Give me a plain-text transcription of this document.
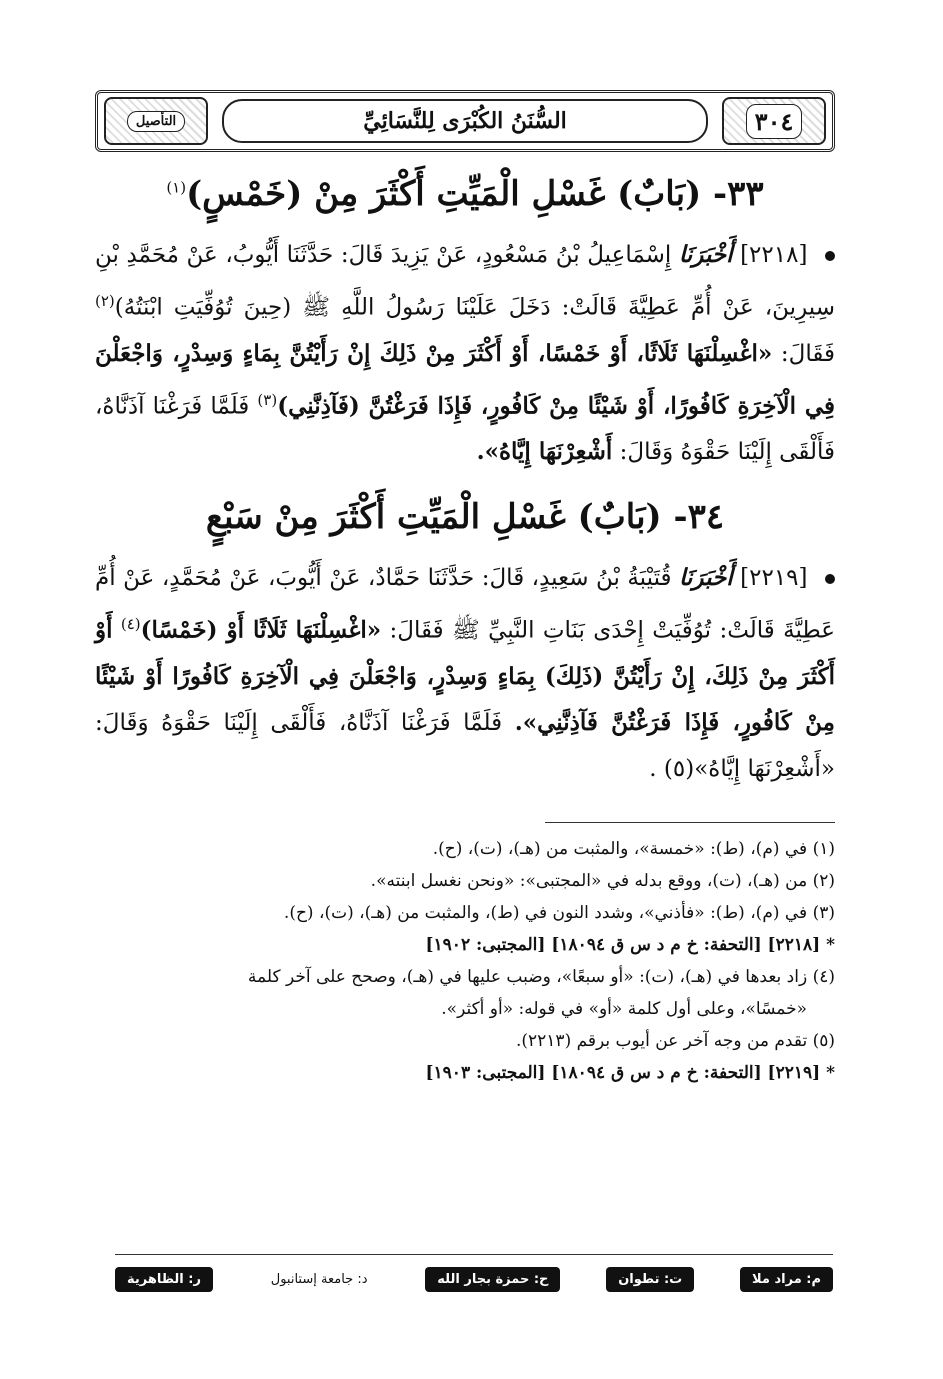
٣٠٤
السُّنَنُ الكُبْرَى لِلنَّسَائِيِّ
التأصيل
٣٣- (بَابٌ) غَسْلِ الْمَيِّتِ أَكْثَرَ مِنْ (خَمْسٍ)$^{(١)}$

[٢٢١٨] أَخْبَرَنَا إِسْمَاعِيلُ بْنُ مَسْعُودٍ، عَنْ يَزِيدَ قَالَ: حَدَّثَنَا أَيُّوبُ، عَنْ مُحَمَّدِ بْنِ سِيرِينَ، عَنْ أُمِّ عَطِيَّةَ قَالَتْ: دَخَلَ عَلَيْنَا رَسُولُ اللَّهِ ﷺ (حِينَ تُوُفِّيَتِ ابْنَتُهُ)$^{(٢)}$ فَقَالَ: «اغْسِلْنَهَا ثَلَاثًا، أَوْ خَمْسًا، أَوْ أَكْثَرَ مِنْ ذَلِكَ إِنْ رَأَيْتُنَّ بِمَاءٍ وَسِدْرٍ، وَاجْعَلْنَ فِي الْآخِرَةِ كَافُورًا، أَوْ شَيْئًا مِنْ كَافُورٍ، فَإِذَا فَرَغْتُنَّ (فَآذِنَّنِي)$^{(٣)}$ فَلَمَّا فَرَغْنَا آذَنَّاهُ، فَأَلْقَى إِلَيْنَا حَقْوَهُ وَقَالَ: أَشْعِرْنَهَا إِيَّاهُ».

٣٤- (بَابٌ) غَسْلِ الْمَيِّتِ أَكْثَرَ مِنْ سَبْعٍ

[٢٢١٩] أَخْبَرَنَا قُتَيْبَةُ بْنُ سَعِيدٍ، قَالَ: حَدَّثَنَا حَمَّادٌ، عَنْ أَيُّوبَ، عَنْ مُحَمَّدٍ، عَنْ أُمِّ عَطِيَّةَ قَالَتْ: تُوُفِّيَتْ إِحْدَى بَنَاتِ النَّبِيِّ ﷺ فَقَالَ: «اغْسِلْنَهَا ثَلَاثًا أَوْ (خَمْسًا)$^{(٤)}$ أَوْ أَكْثَرَ مِنْ ذَلِكَ، إِنْ رَأَيْتُنَّ (ذَلِكَ) بِمَاءٍ وَسِدْرٍ، وَاجْعَلْنَ فِي الْآخِرَةِ كَافُورًا أَوْ شَيْئًا مِنْ كَافُورٍ، فَإِذَا فَرَغْتُنَّ فَآذِنَّنِي». فَلَمَّا فَرَغْنَا آذَنَّاهُ، فَأَلْقَى إِلَيْنَا حَقْوَهُ وَقَالَ: «أَشْعِرْنَهَا إِيَّاهُ»(٥) .

(١) في (م)، (ط): «خمسة»، والمثبت من (هـ)، (ت)، (ح).

(٢) من (هـ)، (ت)، ووقع بدله في «المجتبى»: «ونحن نغسل ابنته».

(٣) في (م)، (ط): «فأذني»، وشدد النون في (ط)، والمثبت من (هـ)، (ت)، (ح).

* [٢٢١٨] [التحفة: خ م د س ق ١٨٠٩٤] [المجتبى: ١٩٠٢]

(٤) زاد بعدها في (هـ)، (ت): «أو سبعًا»، وضبب عليها في (هـ)، وصحح على آخر كلمة

«خمسًا»، وعلى أول كلمة «أو» في قوله: «أو أكثر».

(٥) تقدم من وجه آخر عن أيوب برقم (٢٢١٣).

* [٢٢١٩] [التحفة: خ م د س ق ١٨٠٩٤] [المجتبى: ١٩٠٣]

م: مراد ملا
ت: تطوان
ح: حمزة بجار الله
د: جامعة إستانبول
ر: الظاهرية
